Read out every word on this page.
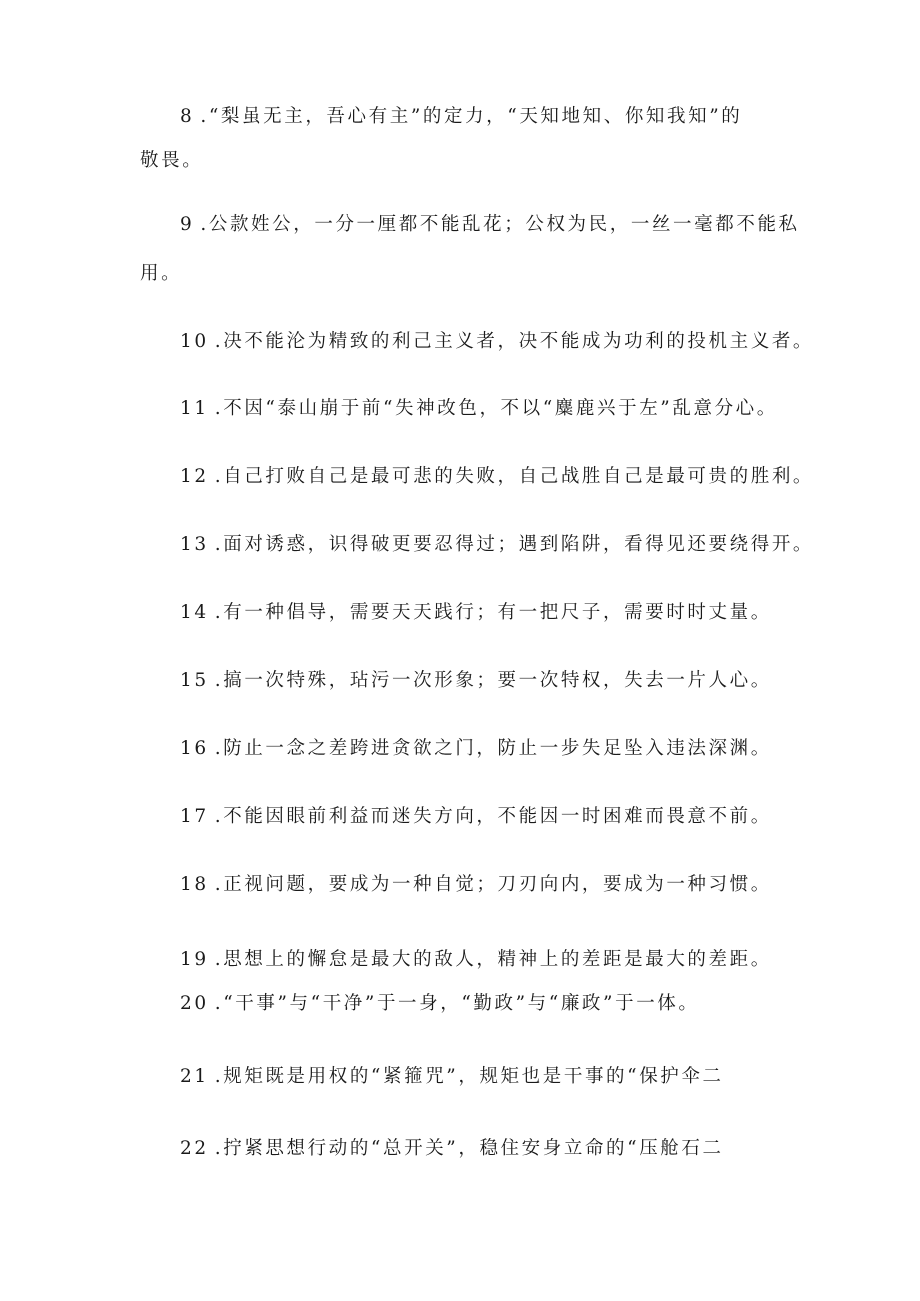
8 .“梨虽无主，吾心有主”的定力，“天知地知、你知我知”的
敬畏。
9 .公款姓公，一分一厘都不能乱花；公权为民，一丝一毫都不能私
用。
10 .决不能沦为精致的利己主义者，决不能成为功利的投机主义者。
11 .不因“泰山崩于前“失神改色，不以“麋鹿兴于左”乱意分心。
12 .自己打败自己是最可悲的失败，自己战胜自己是最可贵的胜利。
13 .面对诱惑，识得破更要忍得过；遇到陷阱，看得见还要绕得开。
14 .有一种倡导，需要天天践行；有一把尺子，需要时时丈量。
15 .搞一次特殊，玷污一次形象；要一次特权，失去一片人心。
16 .防止一念之差跨进贪欲之门，防止一步失足坠入违法深渊。
17 .不能因眼前利益而迷失方向，不能因一时困难而畏意不前。
18 .正视问题，要成为一种自觉；刀刃向内，要成为一种习惯。
19 .思想上的懈怠是最大的敌人，精神上的差距是最大的差距。
20 .“干事”与“干净”于一身，“勤政”与“廉政”于一体。
21 .规矩既是用权的“紧箍咒”，规矩也是干事的“保护伞二
22 .拧紧思想行动的“总开关”，稳住安身立命的“压舱石二
